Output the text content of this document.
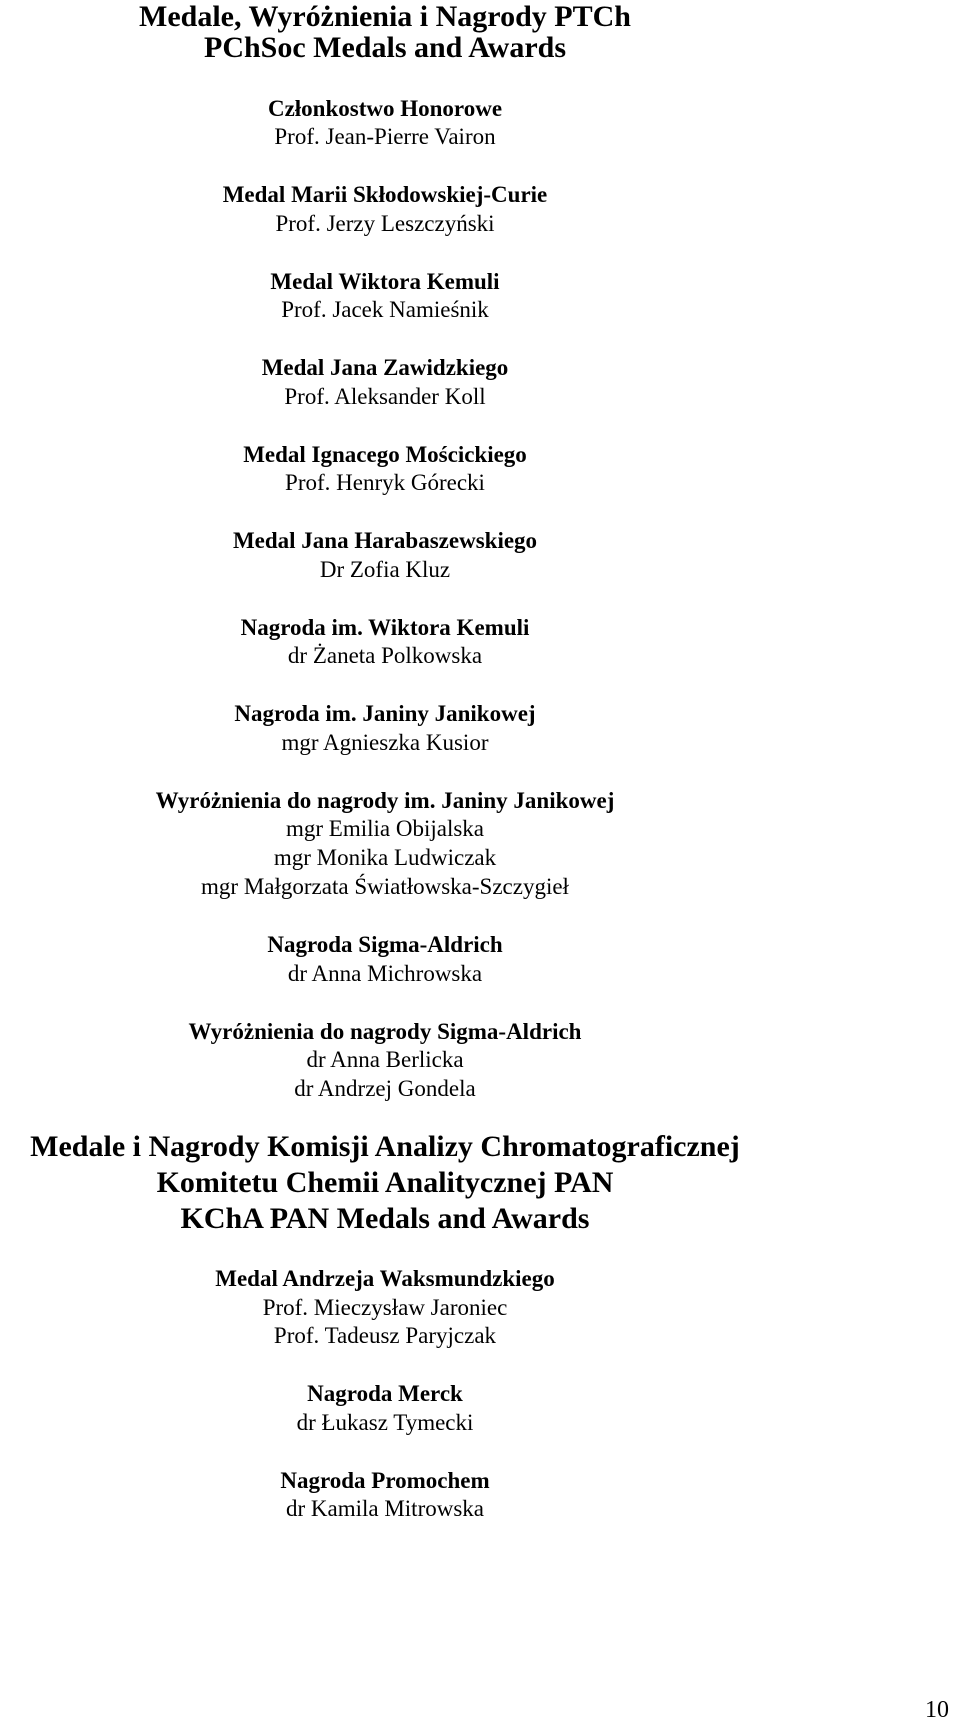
Medale, Wyróżnienia i Nagrody PTCh
PChSoc Medals and Awards
Członkostwo Honorowe
Prof. Jean-Pierre Vairon
Medal Marii Skłodowskiej-Curie
Prof. Jerzy Leszczyński
Medal Wiktora Kemuli
Prof. Jacek Namieśnik
Medal Jana Zawidzkiego
Prof. Aleksander Koll
Medal Ignacego Mościckiego
Prof. Henryk Górecki
Medal Jana Harabaszewskiego
Dr Zofia Kluz
Nagroda im. Wiktora Kemuli
dr Żaneta Polkowska
Nagroda im. Janiny Janikowej
mgr Agnieszka Kusior
Wyróżnienia do nagrody im. Janiny Janikowej
mgr Emilia Obijalska
mgr Monika Ludwiczak
mgr Małgorzata Światłowska-Szczygieł
Nagroda Sigma-Aldrich
dr Anna Michrowska
Wyróżnienia do nagrody Sigma-Aldrich
dr Anna Berlicka
dr Andrzej Gondela
Medale i Nagrody Komisji Analizy Chromatograficznej
Komitetu Chemii Analitycznej PAN
KChA PAN Medals and Awards
Medal Andrzeja Waksmundzkiego
Prof. Mieczysław Jaroniec
Prof. Tadeusz Paryjczak
Nagroda Merck
dr Łukasz Tymecki
Nagroda Promochem
dr Kamila Mitrowska
10
